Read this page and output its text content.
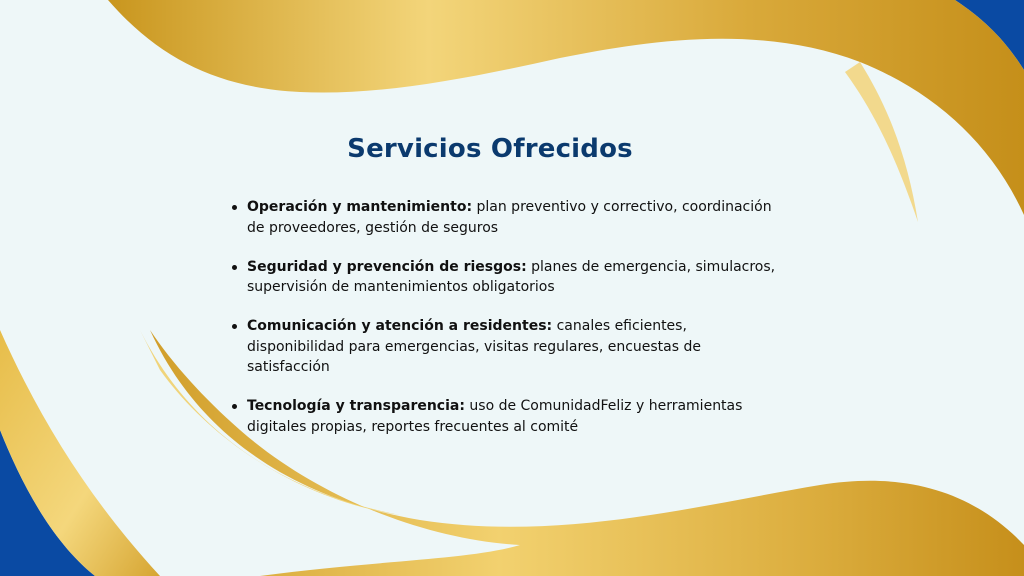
Servicios Ofrecidos
Operación y mantenimiento: plan preventivo y correctivo, coordinación de proveedores, gestión de seguros
Seguridad y prevención de riesgos: planes de emergencia, simulacros, supervisión de mantenimientos obligatorios
Comunicación y atención a residentes: canales eficientes, disponibilidad para emergencias, visitas regulares, encuestas de satisfacción
Tecnología y transparencia: uso de ComunidadFeliz y herramientas digitales propias, reportes frecuentes al comité
